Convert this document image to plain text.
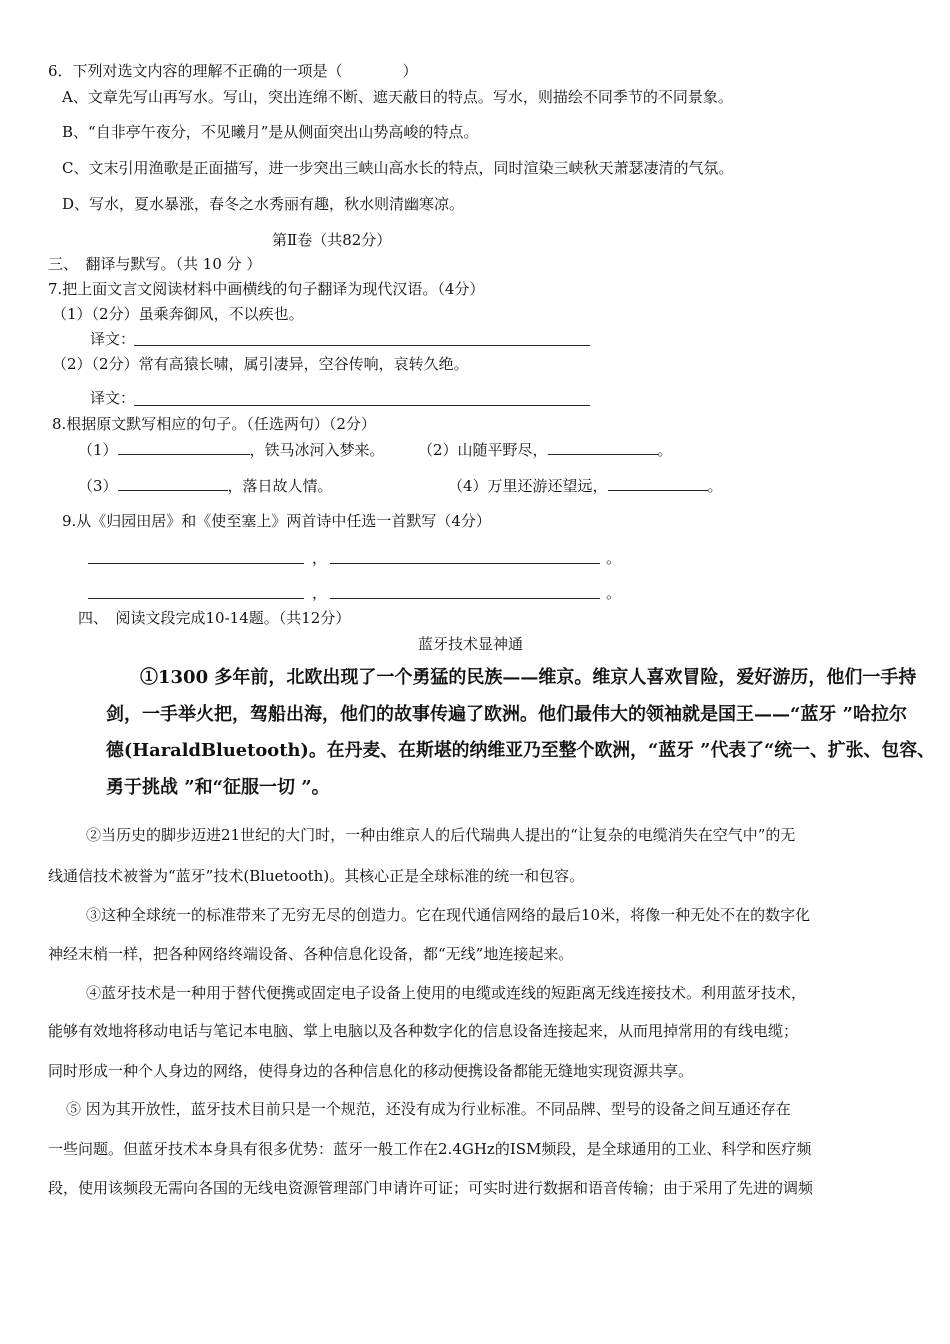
6．下列对选文内容的理解不正确的一项是（　　　　）
A、文章先写山再写水。写山，突出连绵不断、遮天蔽日的特点。写水，则描绘不同季节的不同景象。
B、“自非亭午夜分，不见曦月”是从侧面突出山势高峻的特点。
C、文末引用渔歌是正面描写，进一步突出三峡山高水长的特点，同时渲染三峡秋天萧瑟凄清的气氛。
D、写水，夏水暴涨，春冬之水秀丽有趣，秋水则清幽寒凉。
第Ⅱ卷（共82分）
三、　翻译与默写。（共 10 分 ）
7.把上面文言文阅读材料中画横线的句子翻译为现代汉语。（4分）
（1）（2分）虽乘奔御风，不以疾也。
译文：
（2）（2分）常有高猿长啸，属引凄异，空谷传响，哀转久绝。
译文：
8.根据原文默写相应的句子。（任选两句）（2分）
（1）	，铁马冰河入梦来。 （2）山随平野尽，	。
（3）	，落日故人情。	（4）万里还游还望远，	。
9.从《归园田居》和《使至塞上》两首诗中任选一首默写（4分）
，	。
，	。
四、　阅读文段完成10-14题。（共12分）
蓝牙技术显神通
①1300 多年前，北欧出现了一个勇猛的民族——维京。维京人喜欢冒险，爱好游历，他们一手持
剑，一手举火把，驾船出海，他们的故事传遍了欧洲。他们最伟大的领袖就是国王——“蓝牙 ”哈拉尔
德(HaraldBluetooth)。在丹麦、在斯堪的纳维亚乃至整个欧洲，“蓝牙 ”代表了“统一、扩张、包容、
勇于挑战 ”和“征服一切 ”。
②当历史的脚步迈进21世纪的大门时，一种由维京人的后代瑞典人提出的“让复杂的电缆消失在空气中”的无
线通信技术被誉为“蓝牙”技术(Bluetooth)。其核心正是全球标准的统一和包容。
③这种全球统一的标准带来了无穷无尽的创造力。它在现代通信网络的最后10米，将像一种无处不在的数字化
神经末梢一样，把各种网络终端设备、各种信息化设备，都“无线”地连接起来。
④蓝牙技术是一种用于替代便携或固定电子设备上使用的电缆或连线的短距离无线连接技术。利用蓝牙技术，
能够有效地将移动电话与笔记本电脑、掌上电脑以及各种数字化的信息设备连接起来，从而甩掉常用的有线电缆；
同时形成一种个人身边的网络，使得身边的各种信息化的移动便携设备都能无缝地实现资源共享。
⑤ 因为其开放性，蓝牙技术目前只是一个规范，还没有成为行业标准。不同品牌、型号的设备之间互通还存在
一些问题。但蓝牙技术本身具有很多优势：蓝牙一般工作在2.4GHz的ISM频段，是全球通用的工业、科学和医疗频
段，使用该频段无需向各国的无线电资源管理部门申请许可证；可实时进行数据和语音传输；由于采用了先进的调频
